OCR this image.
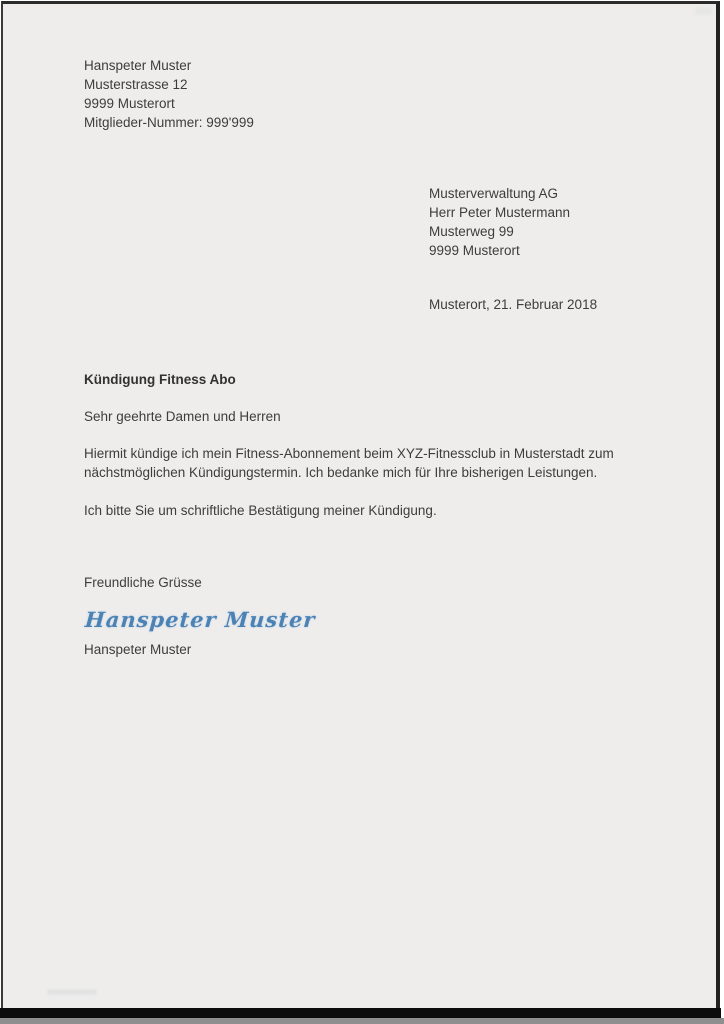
Hanspeter Muster
Musterstrasse 12
9999 Musterort
Mitglieder-Nummer: 999'999
Musterverwaltung AG
Herr Peter Mustermann
Musterweg 99
9999 Musterort
Musterort, 21. Februar 2018
Kündigung Fitness Abo
Sehr geehrte Damen und Herren
Hiermit kündige ich mein Fitness-Abonnement beim XYZ-Fitnessclub in Musterstadt zum
nächstmöglichen Kündigungstermin. Ich bedanke mich für Ihre bisherigen Leistungen.
Ich bitte Sie um schriftliche Bestätigung meiner Kündigung.
Freundliche Grüsse
Hanspeter Muster
Hanspeter Muster
